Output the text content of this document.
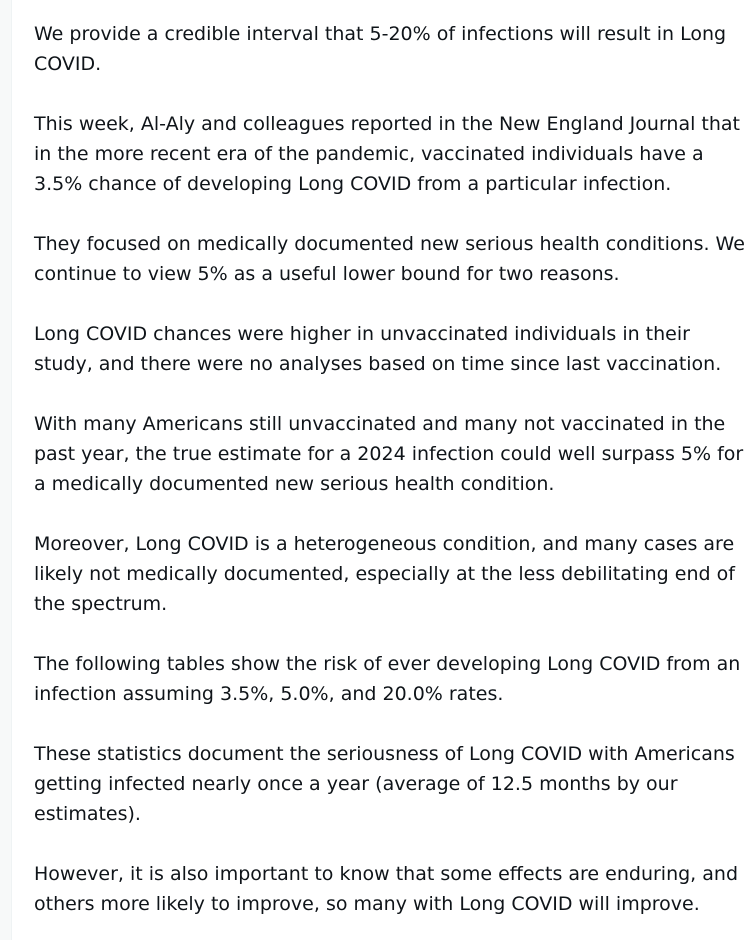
We provide a credible interval that 5-20% of infections will result in Long COVID.

This week, Al-Aly and colleagues reported in the New England Journal that in the more recent era of the pandemic, vaccinated individuals have a 3.5% chance of developing Long COVID from a particular infection.

They focused on medically documented new serious health conditions. We continue to view 5% as a useful lower bound for two reasons.

Long COVID chances were higher in unvaccinated individuals in their study, and there were no analyses based on time since last vaccination.

With many Americans still unvaccinated and many not vaccinated in the past year, the true estimate for a 2024 infection could well surpass 5% for a medically documented new serious health condition.

Moreover, Long COVID is a heterogeneous condition, and many cases are likely not medically documented, especially at the less debilitating end of the spectrum.

The following tables show the risk of ever developing Long COVID from an infection assuming 3.5%, 5.0%, and 20.0% rates.

These statistics document the seriousness of Long COVID with Americans getting infected nearly once a year (average of 12.5 months by our estimates).

However, it is also important to know that some effects are enduring, and others more likely to improve, so many with Long COVID will improve.
